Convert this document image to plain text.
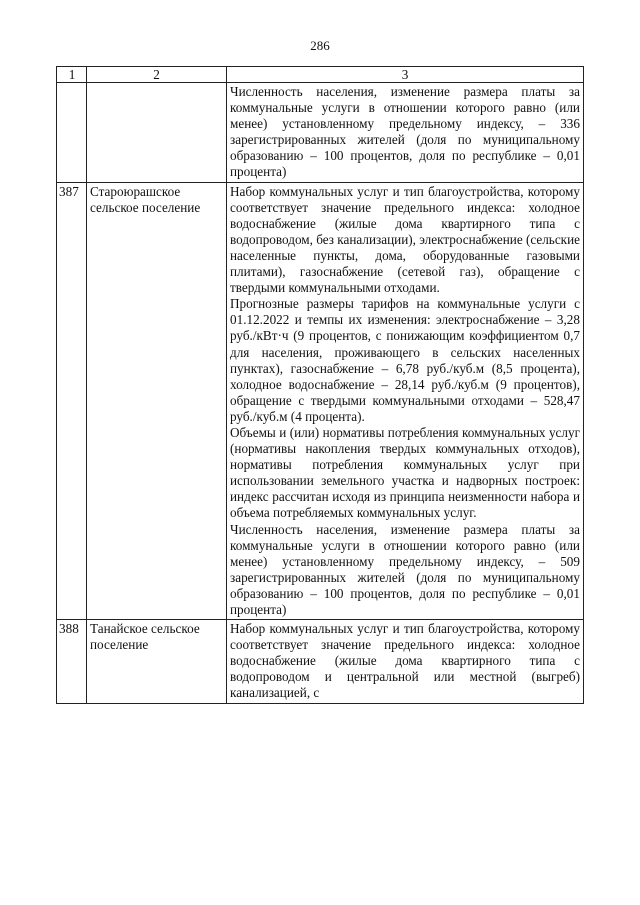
286
1	2	3

		Численность населения, изменение размера платы за коммунальные услуги в отношении которого равно (или менее) установленному предельному индексу, – 336 зарегистрированных жителей (доля по муниципальному образованию – 100 процентов, доля по республике – 0,01 процента)

387	Староюрашское сельское поселение	Набор коммунальных услуг и тип благоустройства, которому соответствует значение предельного индекса: холодное водоснабжение (жилые дома квартирного типа с водопроводом, без канализации), электроснабжение (сельские населенные пункты, дома, оборудованные газовыми плитами), газоснабжение (сетевой газ), обращение с твердыми коммунальными отходами.

Прогнозные размеры тарифов на коммунальные услуги с 01.12.2022 и темпы их изменения: электроснабжение – 3,28 руб./кВт·ч (9 процентов, с понижающим коэффициентом 0,7 для населения, проживающего в сельских населенных пунктах), газоснабжение – 6,78 руб./куб.м (8,5 процента), холодное водоснабжение – 28,14 руб./куб.м (9 процентов), обращение с твердыми коммунальными отходами – 528,47 руб./куб.м (4 процента).

Объемы и (или) нормативы потребления коммунальных услуг (нормативы накопления твердых коммунальных отходов), нормативы потребления коммунальных услуг при использовании земельного участка и надворных построек: индекс рассчитан исходя из принципа неизменности набора и объема потребляемых коммунальных услуг.

Численность населения, изменение размера платы за коммунальные услуги в отношении которого равно (или менее) установленному предельному индексу, – 509 зарегистрированных жителей (доля по муниципальному образованию – 100 процентов, доля по республике – 0,01 процента)

388	Танайское сельское поселение	Набор коммунальных услуг и тип благоустройства, которому соответствует значение предельного индекса: холодное водоснабжение (жилые дома квартирного типа с водопроводом и центральной или местной (выгреб) канализацией, с
